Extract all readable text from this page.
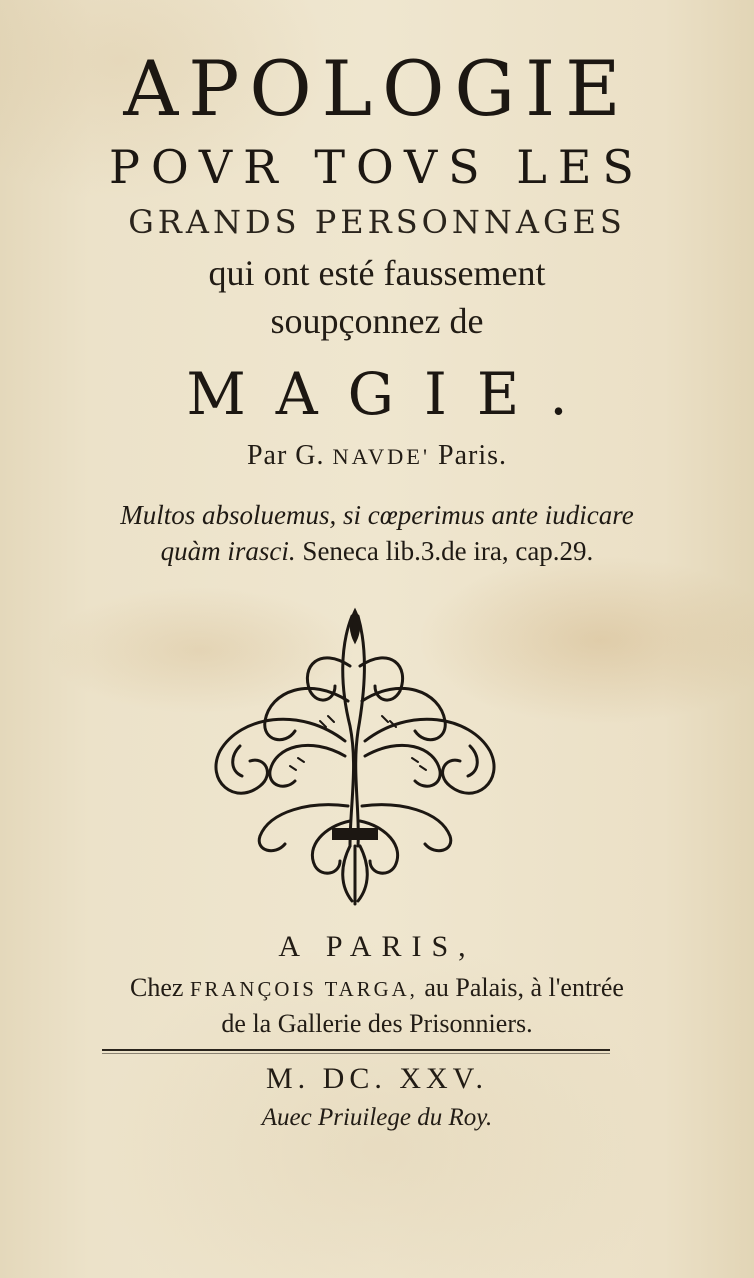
APOLOGIE
POVR TOVS LES
GRANDS PERSONNAGES
qui ont esté faussement
soupçonnez de
MAGIE.
Par G. NAVDE' Paris.
Multos absoluemus, si cœperimus ante iudicare
quàm irasci. Seneca lib.3.de ira, cap.29.
A PARIS,
Chez FRANÇOIS TARGA, au Palais, à l'entrée
de la Gallerie des Prisonniers.
M. DC. XXV.
Auec Priuilege du Roy.
